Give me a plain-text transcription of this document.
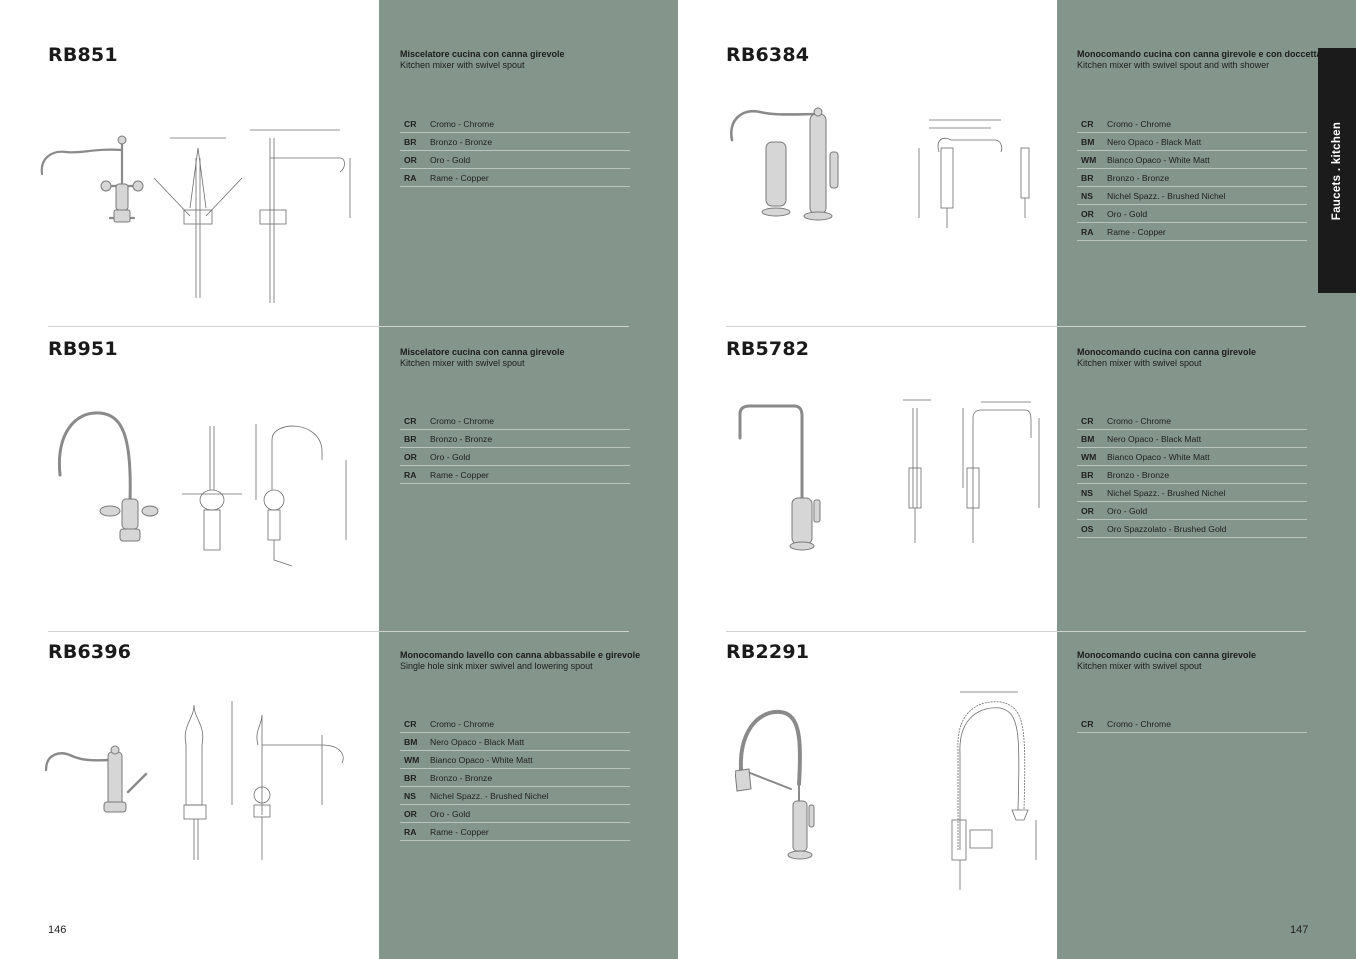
Faucets . kitchen
RB851	Miscelatore cucina con canna girevole
Kitchen mixer with swivel spout
CR	Cromo - Chrome
BR	Bronzo - Bronze
OR	Oro - Gold
RA	Rame - Copper
RB951	Miscelatore cucina con canna girevole
Kitchen mixer with swivel spout
CR	Cromo - Chrome
BR	Bronzo - Bronze
OR	Oro - Gold
RA	Rame - Copper
RB6396	Monocomando lavello con canna abbassabile e girevole
Single hole sink mixer swivel and lowering spout
CR	Cromo - Chrome
BM	Nero Opaco - Black Matt
WM	Bianco Opaco - White Matt
BR	Bronzo - Bronze
NS	Nichel Spazz. - Brushed Nichel
OR	Oro - Gold
RA	Rame - Copper
RB6384	Monocomando cucina con canna girevole e con doccetta
Kitchen mixer with swivel spout and with shower
CR	Cromo - Chrome
BM	Nero Opaco - Black Matt
WM	Bianco Opaco - White Matt
BR	Bronzo - Bronze
NS	Nichel Spazz. - Brushed Nichel
OR	Oro - Gold
RA	Rame - Copper
RB5782	Monocomando cucina con canna girevole
Kitchen mixer with swivel spout
CR	Cromo - Chrome
BM	Nero Opaco - Black Matt
WM	Bianco Opaco - White Matt
BR	Bronzo - Bronze
NS	Nichel Spazz. - Brushed Nichel
OR	Oro - Gold
OS	Oro Spazzolato - Brushed Gold
RB2291	Monocomando cucina con canna girevole
Kitchen mixer with swivel spout
CR	Cromo - Chrome
146	147
